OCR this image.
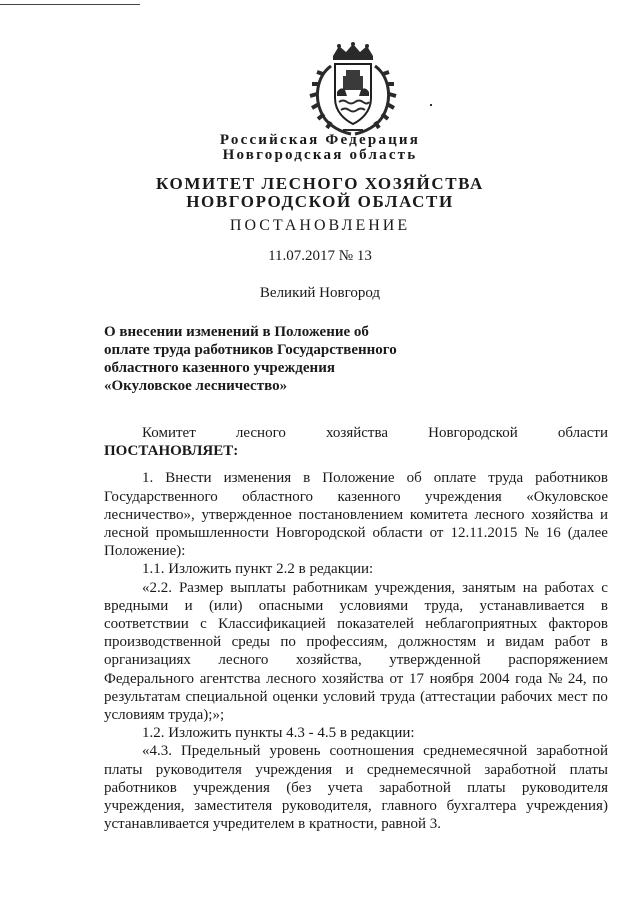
Российская Федерация
Новгородская область
КОМИТЕТ ЛЕСНОГО ХОЗЯЙСТВА
НОВГОРОДСКОЙ ОБЛАСТИ
ПОСТАНОВЛЕНИЕ
11.07.2017 № 13
Великий Новгород
О внесении изменений в Положение об
оплате труда работников Государственного
областного казенного учреждения
«Окуловское лесничество»
Комитет	лесного	хозяйства	Новгородской	области
ПОСТАНОВЛЯЕТ:
1. Внести изменения в Положение об оплате труда работников
Государственного областного казенного учреждения «Окуловское
лесничество», утвержденное постановлением комитета лесного хозяйства и
лесной промышленности Новгородской области от 12.11.2015 № 16 (далее
Положение):
1.1. Изложить пункт 2.2 в редакции:
«2.2. Размер выплаты работникам учреждения, занятым на работах с
вредными и (или) опасными условиями труда, устанавливается в
соответствии с Классификацией показателей неблагоприятных факторов
производственной среды по профессиям, должностям и видам работ в
организациях лесного хозяйства, утвержденной распоряжением
Федерального агентства лесного хозяйства от 17 ноября 2004 года № 24, по
результатам специальной оценки условий труда (аттестации рабочих мест по
условиям труда);»;
1.2. Изложить пункты 4.3 - 4.5 в редакции:
«4.3. Предельный уровень соотношения среднемесячной заработной
платы руководителя учреждения и среднемесячной заработной платы
работников учреждения (без учета заработной платы руководителя
учреждения, заместителя руководителя, главного бухгалтера учреждения)
устанавливается учредителем в кратности, равной 3.
